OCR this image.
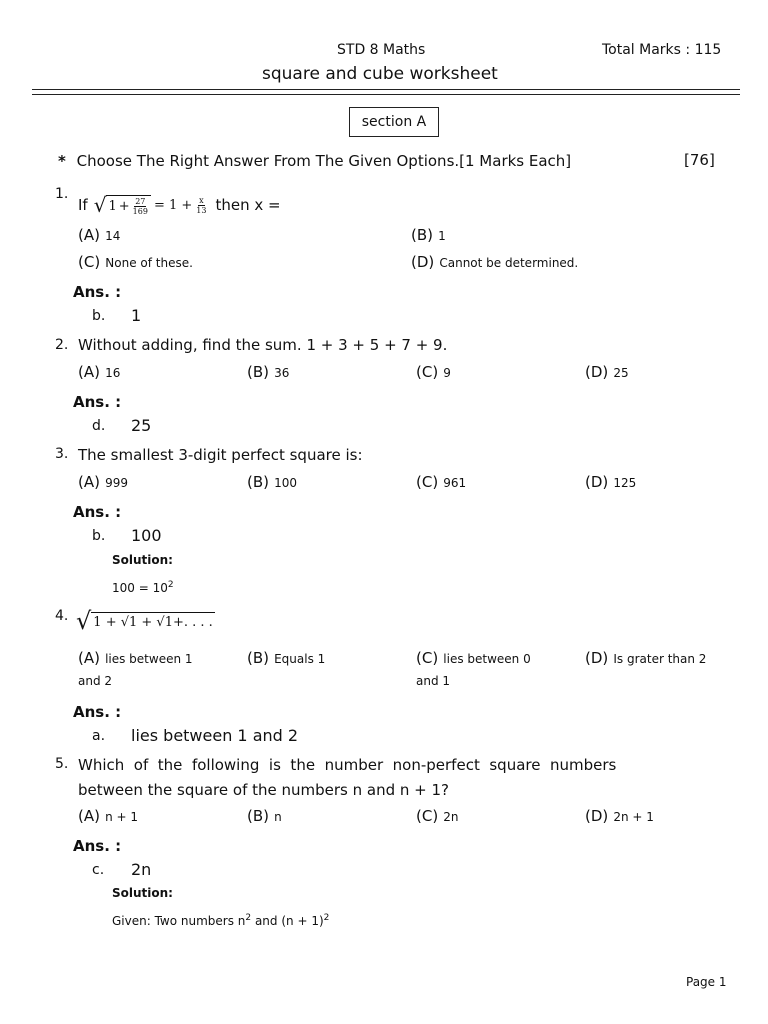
STD 8 Maths	Total Marks : 115
square and cube worksheet
section A
* Choose The Right Answer From The Given Options.[1 Marks Each]	[76]
1.
If √ $1 + \frac{27}{169} = 1 + \frac{x}{13}$ then x =
(A) 14	(B) 1
(C) None of these.	(D) Cannot be determined.
Ans. :
b. 1
2. Without adding, find the sum. 1 + 3 + 5 + 7 + 9.
(A) 16	(B) 36	(C) 9	(D) 25
Ans. :
d. 25
3. The smallest 3-digit perfect square is:
(A) 999	(B) 100	(C) 961	(D) 125
Ans. :
b. 100
Solution:
$100 = 10^2$
4. √ 1 + √1 + √1+. . . .
(A) lies between 1
and 2
(B) Equals 1	(C) lies between 0
and 1
(D) Is grater than 2
Ans. :
a. lies between 1 and 2
5. Which  of  the  following  is  the  number  non-perfect  square  numbers
between the square of the numbers n and n + 1?
(A) n + 1	(B) n	(C) 2n	(D) 2n + 1
Ans. :
c. 2n
Solution:
Given: Two numbers $n^2$ and $(n + 1)^2$
Page 1
